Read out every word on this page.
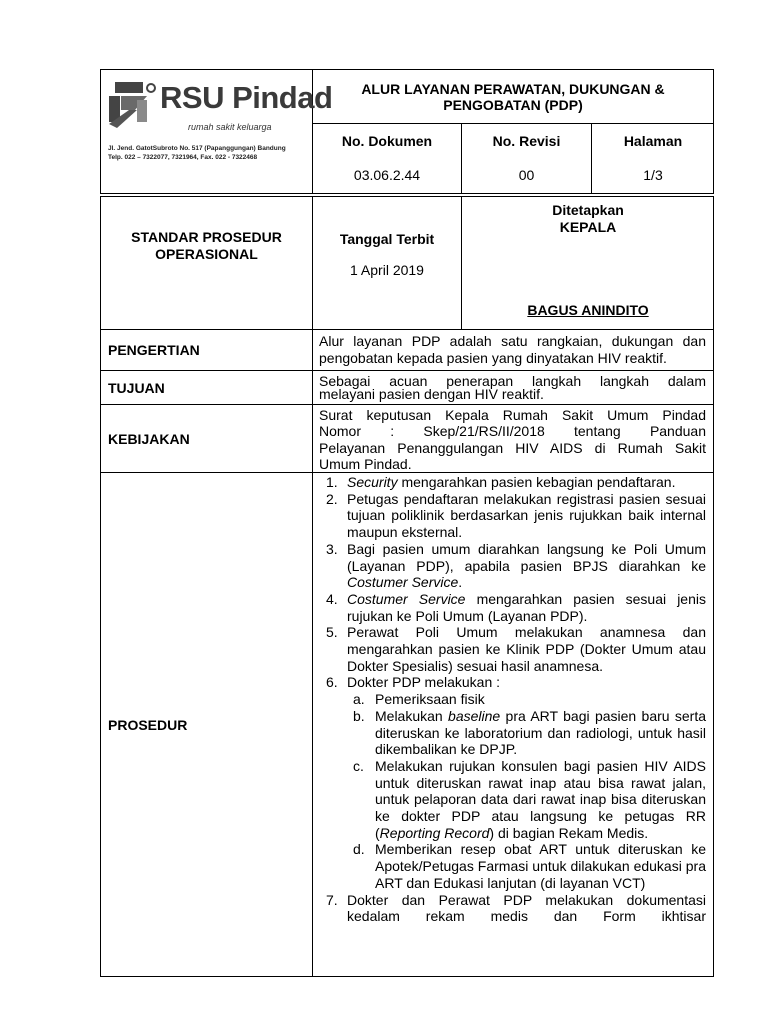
RSU Pindad
rumah sakit keluarga
Jl. Jend. GatotSubroto No. 517 (Papanggungan) Bandung
Telp. 022 – 7322077, 7321964, Fax. 022 - 7322468
ALUR LAYANAN PERAWATAN, DUKUNGAN &
PENGOBATAN (PDP)
No. Dokumen
03.06.2.44
No. Revisi
00
Halaman
1/3
STANDAR PROSEDUR
OPERASIONAL
Tanggal Terbit
1 April 2019
Ditetapkan
KEPALA
BAGUS ANINDITO
PENGERTIAN
Alur layanan PDP adalah satu rangkaian, dukungan dan
pengobatan kepada pasien yang dinyatakan HIV reaktif.
TUJUAN	Sebagai acuan penerapan langkah langkah dalam
melayani pasien dengan HIV reaktif.
KEBIJAKAN
Surat keputusan Kepala Rumah Sakit Umum Pindad
Nomor : Skep/21/RS/II/2018 tentang Panduan
Pelayanan Penanggulangan HIV AIDS di Rumah Sakit
Umum Pindad.
PROSEDUR
1. Security mengarahkan pasien kebagian pendaftaran.
2. Petugas pendaftaran melakukan registrasi pasien sesuai tujuan poliklinik berdasarkan jenis rujukkan baik internal maupun eksternal.
3. Bagi pasien umum diarahkan langsung ke Poli Umum (Layanan PDP), apabila pasien BPJS diarahkan ke Costumer Service.
4. Costumer Service mengarahkan pasien sesuai jenis rujukan ke Poli Umum (Layanan PDP).
5. Perawat Poli Umum melakukan anamnesa dan mengarahkan pasien ke Klinik PDP (Dokter Umum atau Dokter Spesialis) sesuai hasil anamnesa.
6. Dokter PDP melakukan :
a. Pemeriksaan fisik
b. Melakukan baseline pra ART bagi pasien baru serta diteruskan ke laboratorium dan radiologi, untuk hasil dikembalikan ke DPJP.
c. Melakukan rujukan konsulen bagi pasien HIV AIDS untuk diteruskan rawat inap atau bisa rawat jalan, untuk pelaporan data dari rawat inap bisa diteruskan ke dokter PDP atau langsung ke petugas RR (Reporting Record) di bagian Rekam Medis.
d. Memberikan resep obat ART untuk diteruskan ke Apotek/Petugas Farmasi untuk dilakukan edukasi pra ART dan Edukasi lanjutan (di layanan VCT)
7. Dokter dan Perawat PDP melakukan dokumentasi
kedalam rekam medis dan Form ikhtisar
